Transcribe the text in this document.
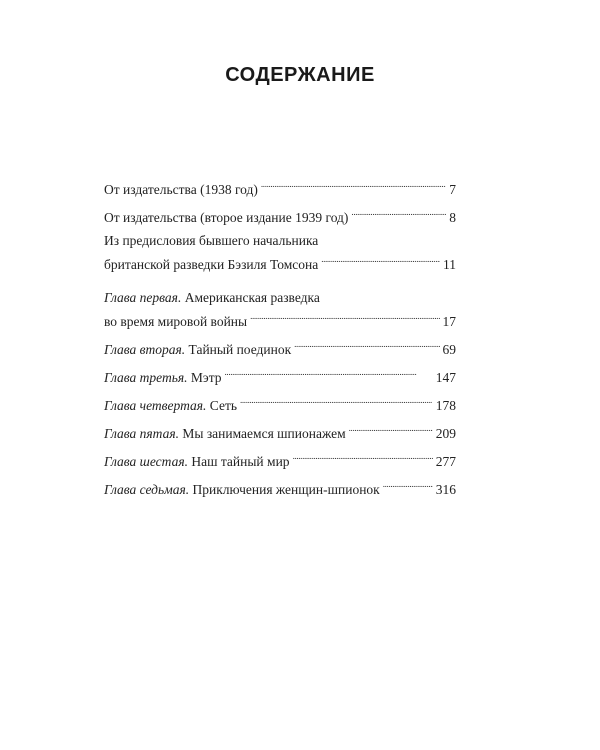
СОДЕРЖАНИЕ
От издательства (1938 год) . . .	7
От издательства (второе издание 1939 год) . . .	8
Из предисловия бывшего начальника
британской разведки Бэзиля Томсона . . .	11
Глава первая. Американская разведка
во время мировой войны . . .	17
Глава вторая. Тайный поединок . . .	69
Глава третья. Мэтр . . .	147
Глава четвертая. Сеть . . .	178
Глава пятая. Мы занимаемся шпионажем . . .	209
Глава шестая. Наш тайный мир . . .	277
Глава седьмая. Приключения женщин-шпионок . . .	316
